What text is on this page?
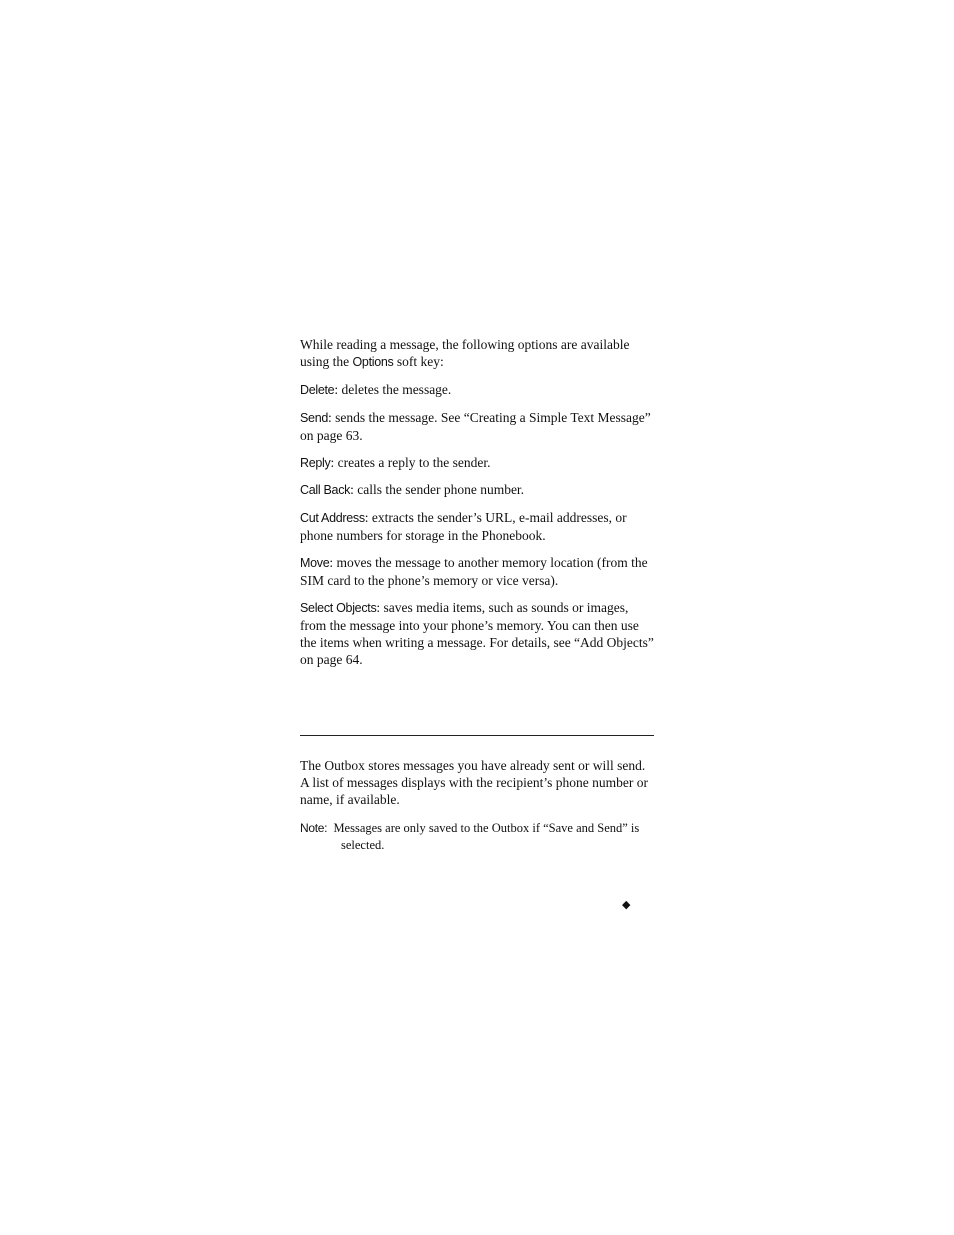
While reading a message, the following options are available using the Options soft key:

Delete: deletes the message.

Send: sends the message. See “Creating a Simple Text Message” on page 63.

Reply: creates a reply to the sender.

Call Back: calls the sender phone number.

Cut Address: extracts the sender’s URL, e-mail addresses, or phone numbers for storage in the Phonebook.

Move: moves the message to another memory location (from the SIM card to the phone’s memory or vice versa).

Select Objects: saves media items, such as sounds or images, from the message into your phone’s memory. You can then use the items when writing a message. For details, see “Add Objects” on page 64.

The Outbox stores messages you have already sent or will send. A list of messages displays with the recipient’s phone number or name, if available.

Note: Messages are only saved to the Outbox if “Save and Send” is selected.

◆
